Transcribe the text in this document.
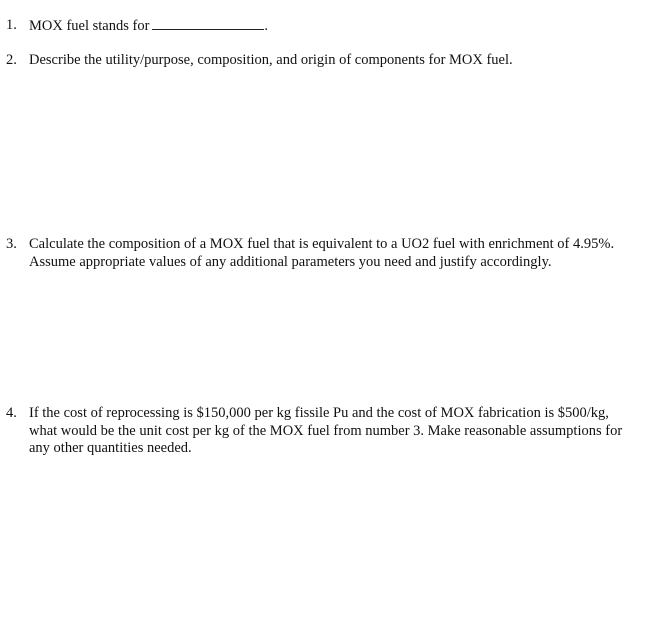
1. MOX fuel stands for	.
2. Describe the utility/purpose, composition, and origin of components for MOX fuel.
3. Calculate the composition of a MOX fuel that is equivalent to a UO2 fuel with enrichment of 4.95%.
Assume appropriate values of any additional parameters you need and justify accordingly.
4. If the cost of reprocessing is $150,000 per kg fissile Pu and the cost of MOX fabrication is $500/kg,
what would be the unit cost per kg of the MOX fuel from number 3. Make reasonable assumptions for
any other quantities needed.
